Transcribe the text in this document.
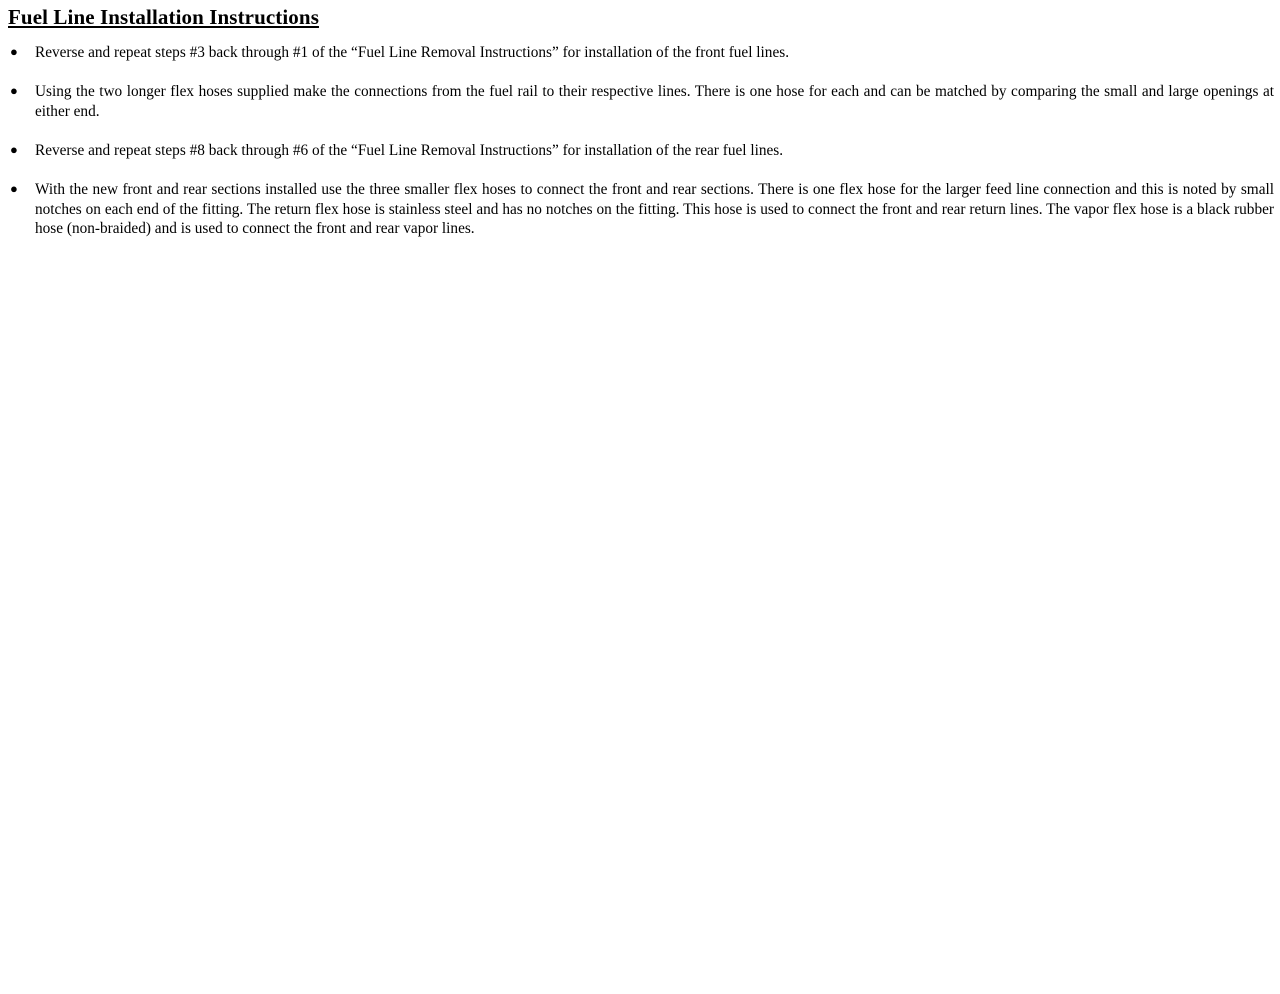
Fuel Line Installation Instructions
● Reverse and repeat steps #3 back through #1 of the “Fuel Line Removal Instructions” for installation of the front fuel lines.
● Using the two longer flex hoses supplied make the connections from the fuel rail to their respective lines. There is one hose for each and can be matched by comparing the small and large openings at either end.
● Reverse and repeat steps #8 back through #6 of the “Fuel Line Removal Instructions” for installation of the rear fuel lines.
● With the new front and rear sections installed use the three smaller flex hoses to connect the front and rear sections. There is one flex hose for the larger feed line connection and this is noted by small notches on each end of the fitting. The return flex hose is stainless steel and has no notches on the fitting. This hose is used to connect the front and rear return lines. The vapor flex hose is a black rubber hose (non-braided) and is used to connect the front and rear vapor lines.
